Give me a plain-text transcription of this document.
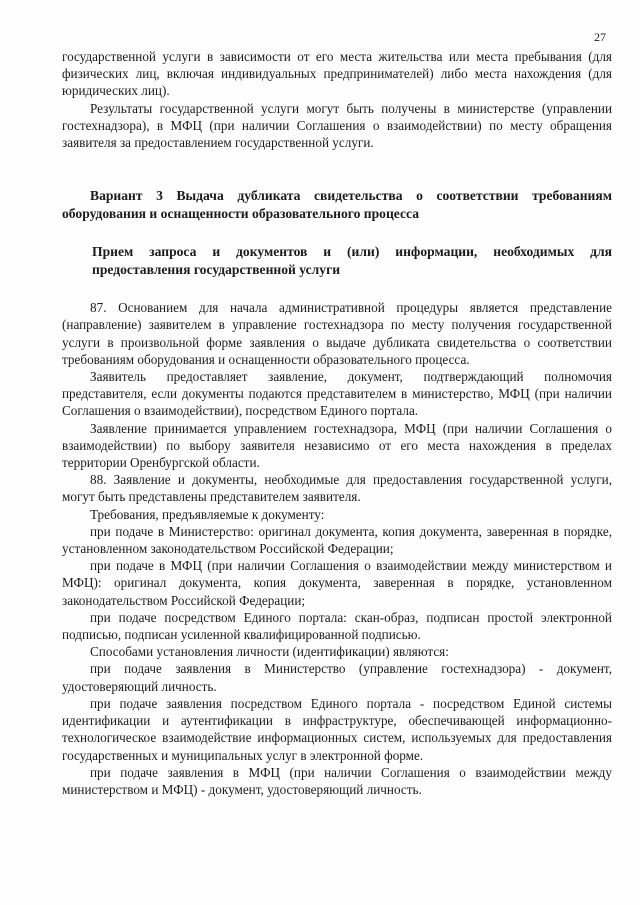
27

государственной услуги в зависимости от его места жительства или места пребывания (для физических лиц, включая индивидуальных предпринимателей) либо места нахождения (для юридических лиц).

Результаты государственной услуги могут быть получены в министерстве (управлении гостехнадзора), в МФЦ (при наличии Соглашения о взаимодействии) по месту обращения заявителя за предоставлением государственной услуги.

Вариант 3 Выдача дубликата свидетельства о соответствии требованиям оборудования и оснащенности образовательного процесса

Прием запроса и документов и (или) информации, необходимых для предоставления государственной услуги

87. Основанием для начала административной процедуры является представление (направление) заявителем в управление гостехнадзора по месту получения государственной услуги в произвольной форме заявления о выдаче дубликата свидетельства о соответствии требованиям оборудования и оснащенности образовательного процесса.

Заявитель предоставляет заявление, документ, подтверждающий полномочия представителя, если документы подаются представителем в министерство, МФЦ (при наличии Соглашения о взаимодействии), посредством Единого портала.

Заявление принимается управлением гостехнадзора, МФЦ (при наличии Соглашения о взаимодействии) по выбору заявителя независимо от его места нахождения в пределах территории Оренбургской области.

88. Заявление и документы, необходимые для предоставления государственной услуги, могут быть представлены представителем заявителя.

Требования, предъявляемые к документу:

при подаче в Министерство: оригинал документа, копия документа, заверенная в порядке, установленном законодательством Российской Федерации;

при подаче в МФЦ (при наличии Соглашения о взаимодействии между министерством и МФЦ): оригинал документа, копия документа, заверенная в порядке, установленном законодательством Российской Федерации;

при подаче посредством Единого портала: скан-образ, подписан простой электронной подписью, подписан усиленной квалифицированной подписью.

Способами установления личности (идентификации) являются:

при подаче заявления в Министерство (управление гостехнадзора) - документ, удостоверяющий личность.

при подаче заявления посредством Единого портала - посредством Единой системы идентификации и аутентификации в инфраструктуре, обеспечивающей информационно-технологическое взаимодействие информационных систем, используемых для предоставления государственных и муниципальных услуг в электронной форме.

при подаче заявления в МФЦ (при наличии Соглашения о взаимодействии между министерством и МФЦ) - документ, удостоверяющий личность.
